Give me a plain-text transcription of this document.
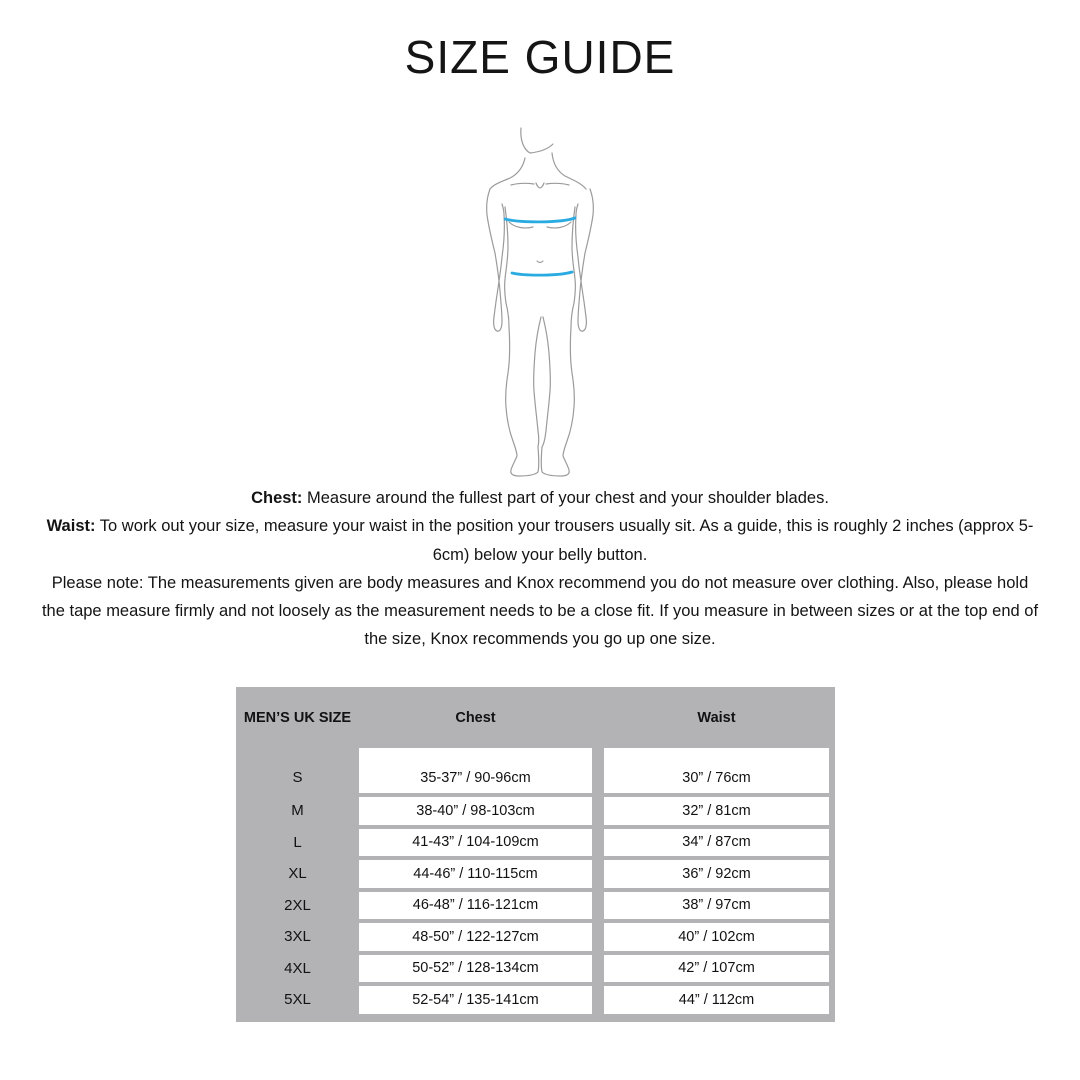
SIZE GUIDE

Chest: Measure around the fullest part of your chest and your shoulder blades.

Waist: To work out your size, measure your waist in the position your trousers usually sit. As a guide, this is roughly 2 inches (approx 5-6cm) below your belly button.

Please note: The measurements given are body measures and Knox recommend you do not measure over clothing. Also, please hold the tape measure firmly and not loosely as the measurement needs to be a close fit. If you measure in between sizes or at the top end of the size, Knox recommends you go up one size.

MEN’S UK SIZE	Chest	Waist
S	35-37” / 90-96cm	30” / 76cm
M	38-40” / 98-103cm	32” / 81cm
L	41-43” / 104-109cm	34” / 87cm
XL	44-46” / 110-115cm	36” / 92cm
2XL	46-48” / 116-121cm	38” / 97cm
3XL	48-50” / 122-127cm	40” / 102cm
4XL	50-52” / 128-134cm	42” / 107cm
5XL	52-54” / 135-141cm	44” / 112cm
